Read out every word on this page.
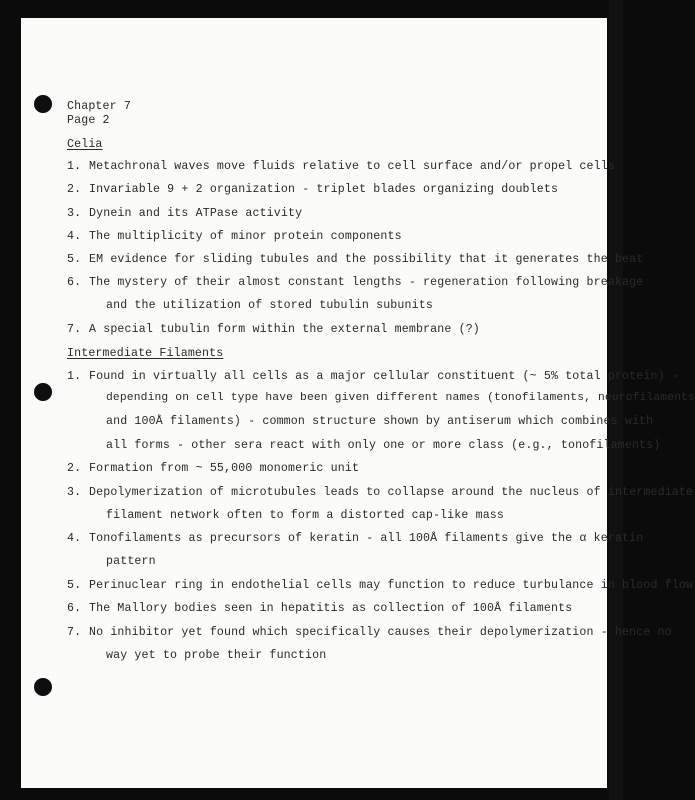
Chapter 7
Page 2
Celia
1. Metachronal waves move fluids relative to cell surface and/or propel cells
2. Invariable 9 + 2 organization - triplet blades organizing doublets
3. Dynein and its ATPase activity
4. The multiplicity of minor protein components
5. EM evidence for sliding tubules and the possibility that it generates the beat
6. The mystery of their almost constant lengths - regeneration following breakage
and the utilization of stored tubulin subunits
7. A special tubulin form within the external membrane (?)
Intermediate Filaments
1. Found in virtually all cells as a major cellular constituent (~ 5% total protein) -
depending on cell type have been given different names (tonofilaments, neurofilaments
and 100Å filaments) - common structure shown by antiserum which combines with
all forms - other sera react with only one or more class (e.g., tonofilaments)
2. Formation from ~ 55,000 monomeric unit
3. Depolymerization of microtubules leads to collapse around the nucleus of intermediate
filament network often to form a distorted cap-like mass
4. Tonofilaments as precursors of keratin - all 100Å filaments give the α keratin
pattern
5. Perinuclear ring in endothelial cells may function to reduce turbulance in blood flow
6. The Mallory bodies seen in hepatitis as collection of 100Å filaments
7. No inhibitor yet found which specifically causes their depolymerization - hence no
way yet to probe their function
